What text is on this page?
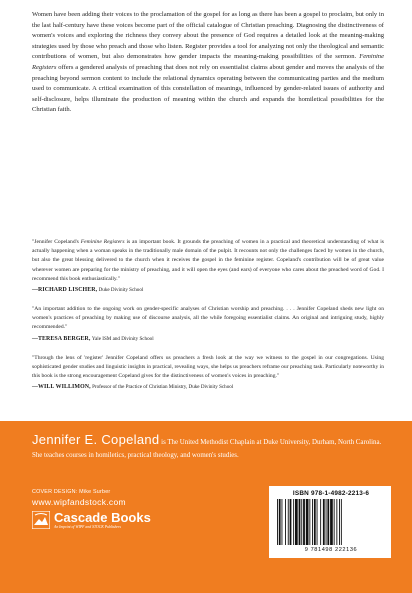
Women have been adding their voices to the proclamation of the gospel for as long as there has been a gospel to proclaim, but only in the last half-century have these voices become part of the official catalogue of Christian preaching. Diagnosing the distinctiveness of women's voices and exploring the richness they convey about the presence of God requires a detailed look at the meaning-making strategies used by those who preach and those who listen. Register provides a tool for analyzing not only the theological and semantic contributions of women, but also demonstrates how gender impacts the meaning-making possibilities of the sermon. Feminine Registers offers a gendered analysis of preaching that does not rely on essentialist claims about gender and moves the analysis of the preaching beyond sermon content to include the relational dynamics operating between the communicating parties and the medium used to communicate. A critical examination of this constellation of meanings, influenced by gender-related issues of authority and self-disclosure, helps illuminate the production of meaning within the church and expands the homiletical possibilities for the Christian faith.

"Jennifer Copeland's Feminine Registers is an important book. It grounds the preaching of women in a practical and theoretical understanding of what is actually happening when a woman speaks in the traditionally male domain of the pulpit. It recounts not only the challenges faced by women in the church, but also the great blessing delivered to the church when it receives the gospel in the feminine register. Copeland's contribution will be of great value wherever women are preparing for the ministry of preaching, and it will open the eyes (and ears) of everyone who cares about the preached word of God. I recommend this book enthusiastically."

—RICHARD LISCHER, Duke Divinity School

"An important addition to the ongoing work on gender-specific analyses of Christian worship and preaching. . . . Jennifer Copeland sheds new light on women's practices of preaching by making use of discourse analysis, all the while foregoing essentialist claims. An original and intriguing study, highly recommended."

—TERESA BERGER, Yale ISM and Divinity School

"Through the lens of 'register' Jennifer Copeland offers us preachers a fresh look at the way we witness to the gospel in our congregations. Using sophisticated gender studies and linguistic insights in practical, revealing ways, she helps us preachers reframe our preaching task. Particularly noteworthy in this book is the strong encouragement Copeland gives for the distinctiveness of women's voices in preaching."

—WILL WILLIMON, Professor of the Practice of Christian Ministry, Duke Divinity School
Jennifer E. Copeland is The United Methodist Chaplain at Duke University, Durham, North Carolina. She teaches courses in homiletics, practical theology, and women's studies.
COVER DESIGN: Mike Surber
www.wipfandstock.com
Cascade Books
An Imprint of WIPF and STOCK Publishers
ISBN 978-1-4982-2213-6
9 781498 222136
